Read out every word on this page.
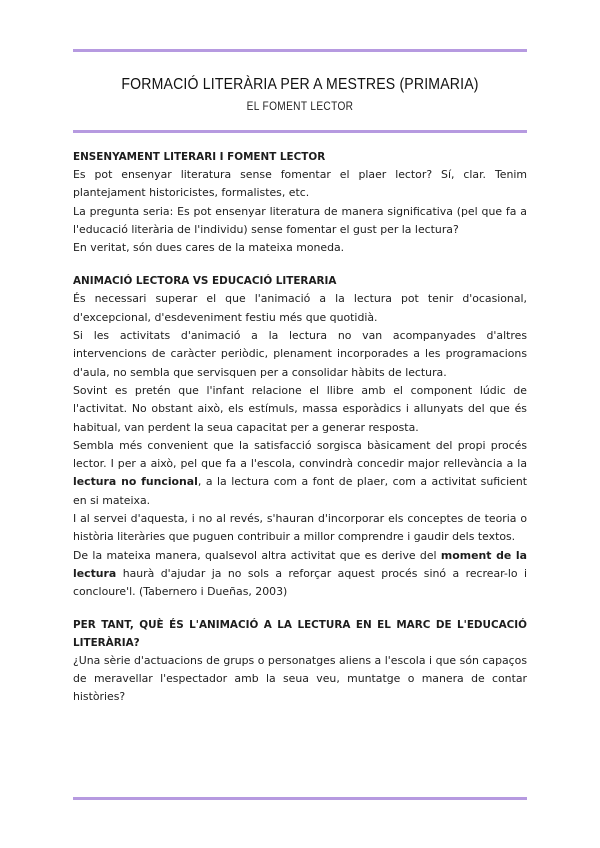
FORMACIÓ LITERÀRIA PER A MESTRES (PRIMARIA)
EL FOMENT LECTOR
ENSENYAMENT LITERARI I FOMENT LECTOR

Es pot ensenyar literatura sense fomentar el plaer lector? Sí, clar. Tenim plantejament historicistes, formalistes, etc.

La pregunta seria: Es pot ensenyar literatura de manera significativa (pel que fa a l'educació literària de l'individu) sense fomentar el gust per la lectura?

En veritat, són dues cares de la mateixa moneda.

ANIMACIÓ LECTORA VS EDUCACIÓ LITERARIA

És necessari superar el que l'animació a la lectura pot tenir d'ocasional, d'excepcional, d'esdeveniment festiu més que quotidià.

Si les activitats d'animació a la lectura no van acompanyades d'altres intervencions de caràcter periòdic, plenament incorporades a les programacions d'aula, no sembla que servisquen per a consolidar hàbits de lectura.

Sovint es pretén que l'infant relacione el llibre amb el component lúdic de l'activitat. No obstant això, els estímuls, massa esporàdics i allunyats del que és habitual, van perdent la seua capacitat per a generar resposta.

Sembla més convenient que la satisfacció sorgisca bàsicament del propi procés lector. I per a això, pel que fa a l'escola, convindrà concedir major rellevància a la lectura no funcional, a la lectura com a font de plaer, com a activitat suficient en si mateixa.

I al servei d'aquesta, i no al revés, s'hauran d'incorporar els conceptes de teoria o història literàries que puguen contribuir a millor comprendre i gaudir dels textos.

De la mateixa manera, qualsevol altra activitat que es derive del moment de la lectura haurà d'ajudar ja no sols a reforçar aquest procés sinó a recrear-lo i concloure'l. (Tabernero i Dueñas, 2003)

PER TANT, QUÈ ÉS L'ANIMACIÓ A LA LECTURA EN EL MARC DE L'EDUCACIÓ LITERÀRIA?

¿Una sèrie d'actuacions de grups o personatges aliens a l'escola i que són capaços de meravellar l'espectador amb la seua veu, muntatge o manera de contar històries?
